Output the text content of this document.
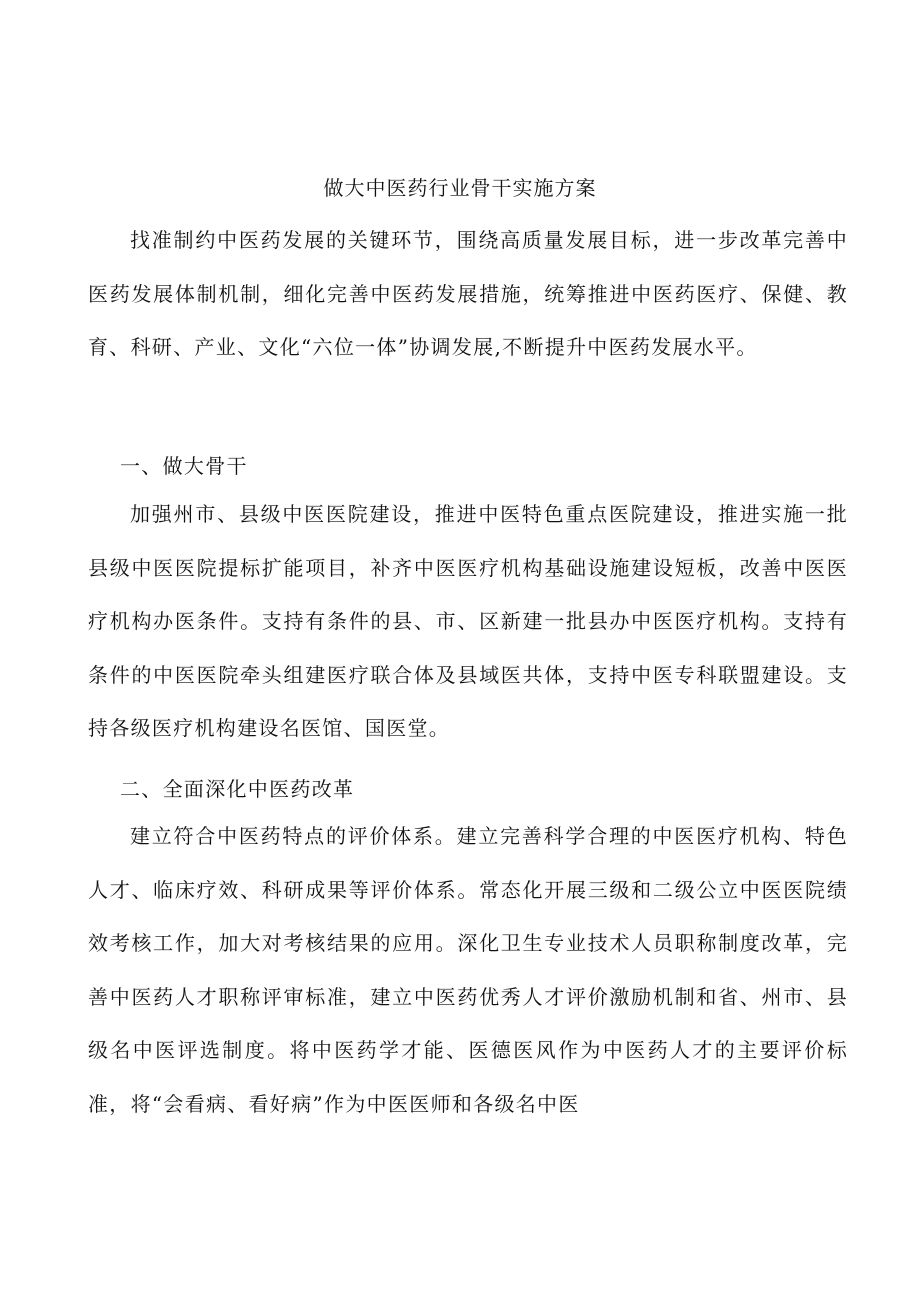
做大中医药行业骨干实施方案

找准制约中医药发展的关键环节，围绕高质量发展目标，进一步改革完善中医药发展体制机制，细化完善中医药发展措施，统筹推进中医药医疗、保健、教育、科研、产业、文化“六位一体”协调发展,不断提升中医药发展水平。

一、做大骨干

加强州市、县级中医医院建设，推进中医特色重点医院建设，推进实施一批县级中医医院提标扩能项目，补齐中医医疗机构基础设施建设短板，改善中医医疗机构办医条件。支持有条件的县、市、区新建一批县办中医医疗机构。支持有条件的中医医院牵头组建医疗联合体及县域医共体，支持中医专科联盟建设。支持各级医疗机构建设名医馆、国医堂。

二、全面深化中医药改革

建立符合中医药特点的评价体系。建立完善科学合理的中医医疗机构、特色人才、临床疗效、科研成果等评价体系。常态化开展三级和二级公立中医医院绩效考核工作，加大对考核结果的应用。深化卫生专业技术人员职称制度改革，完善中医药人才职称评审标准，建立中医药优秀人才评价激励机制和省、州市、县级名中医评选制度。将中医药学才能、医德医风作为中医药人才的主要评价标准，将“会看病、看好病”作为中医医师和各级名中医
